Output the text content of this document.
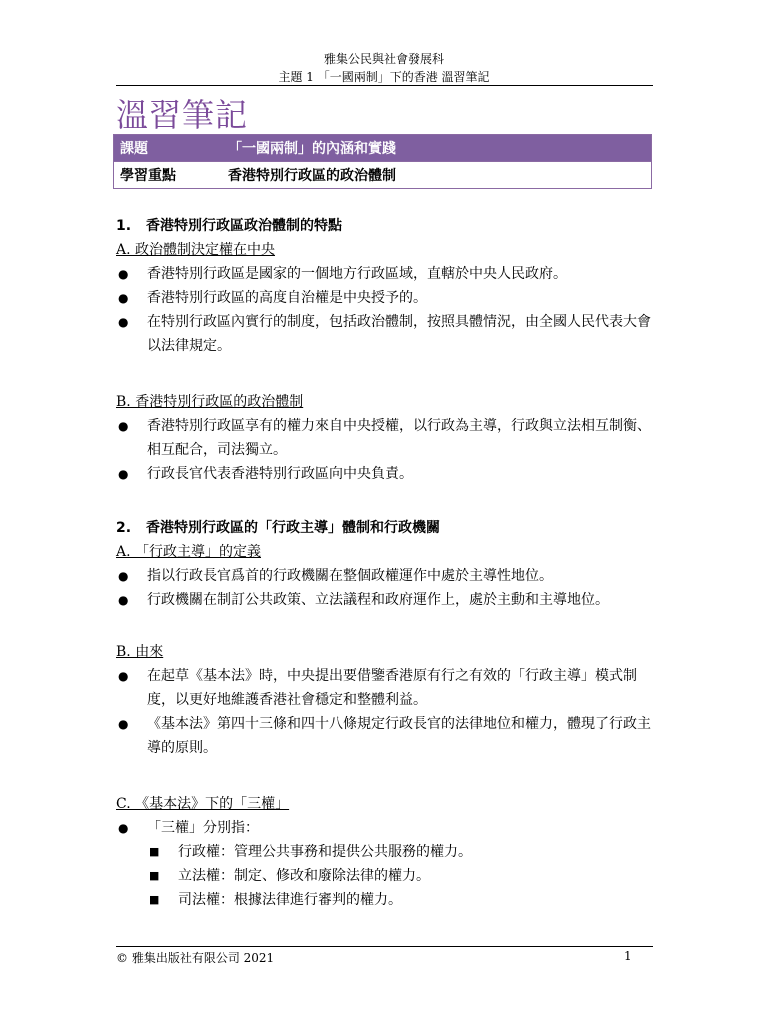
雅集公民與社會發展科
主題 1 「一國兩制」下的香港 溫習筆記
溫習筆記
課題	「一國兩制」的內涵和實踐
學習重點	香港特別行政區的政治體制
1. 香港特別行政區政治體制的特點
A. 政治體制決定權在中央
● 香港特別行政區是國家的一個地方行政區域，直轄於中央人民政府。
● 香港特別行政區的高度自治權是中央授予的。
● 在特別行政區內實行的制度，包括政治體制，按照具體情況，由全國人民代表大會以法律規定。
B. 香港特別行政區的政治體制
● 香港特別行政區享有的權力來自中央授權，以行政為主導，行政與立法相互制衡、相互配合，司法獨立。
● 行政長官代表香港特別行政區向中央負責。
2. 香港特別行政區的「行政主導」體制和行政機關
A. 「行政主導」的定義
● 指以行政長官爲首的行政機關在整個政權運作中處於主導性地位。
● 行政機關在制訂公共政策、立法議程和政府運作上，處於主動和主導地位。
B. 由來
● 在起草《基本法》時，中央提出要借鑒香港原有行之有效的「行政主導」模式制度，以更好地維護香港社會穩定和整體利益。
● 《基本法》第四十三條和四十八條規定行政長官的法律地位和權力，體現了行政主導的原則。
C. 《基本法》下的「三權」
● 「三權」分別指：
■ 行政權：管理公共事務和提供公共服務的權力。
■ 立法權：制定、修改和廢除法律的權力。
■ 司法權：根據法律進行審判的權力。
© 雅集出版社有限公司 2021	1
